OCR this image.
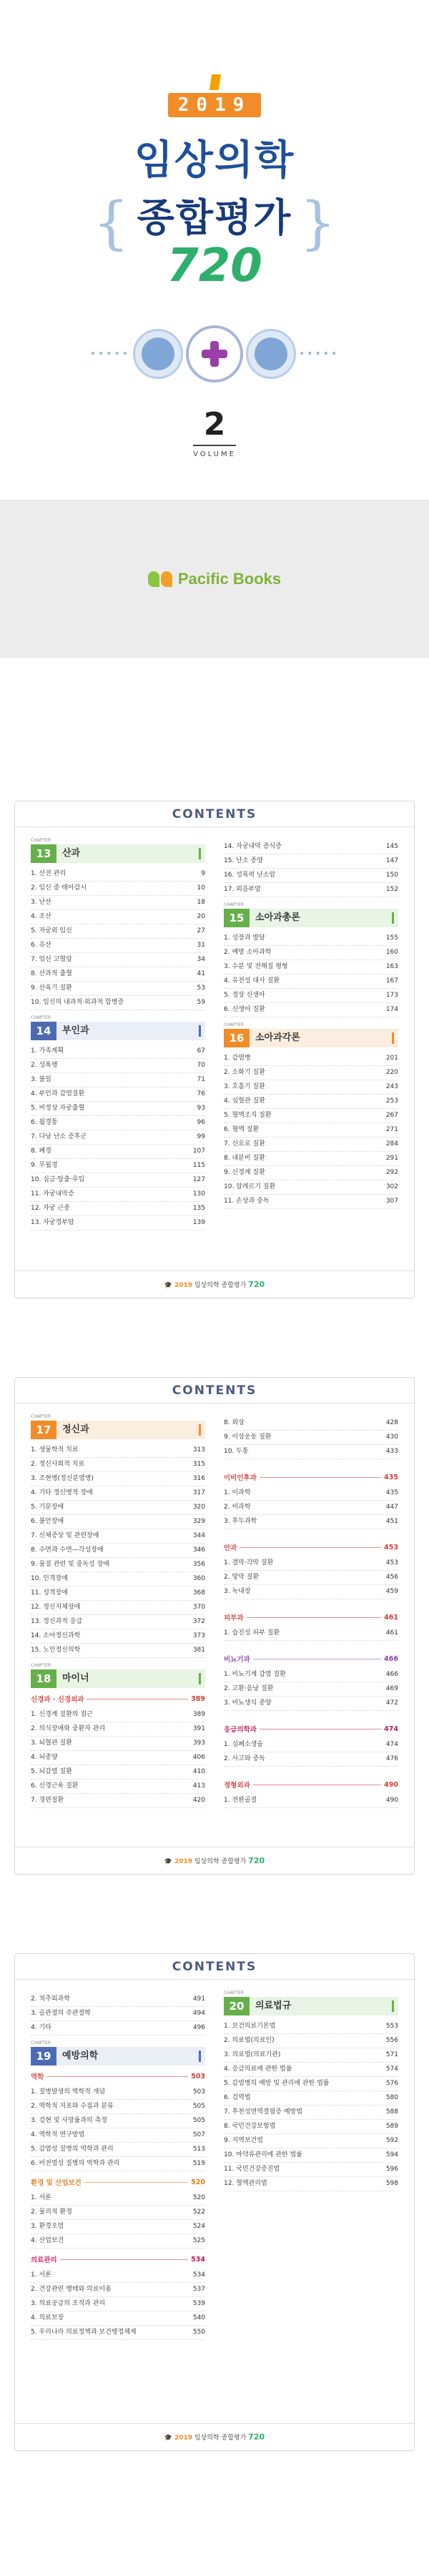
2019
임상의학
{ 종합평가 }
720
•••••	•••••
2
VOLUME
Pacific Books
CONTENTS
CHAPTER 13	산과
1. 산전 관리	9
2. 임신 중 태아감시	10
3. 난산	18
4. 조산	20
5. 자궁외 임신	27
6. 유산	31
7. 임신 고혈압	34
8. 산과적 출혈	41
9. 산욕기 질환	53
10. 임신의 내과적·외과적 합병증	59
CHAPTER 14	부인과
1. 가족계획	67
2. 성폭행	70
3. 불임	71
4. 부인과 감염질환	76
5. 비정상 자궁출혈	93
6. 월경통	96
7. 다낭 난소 증후군	99
8. 폐경	107
9. 무월경	115
10. 심금·탈출·루입	127
11. 자궁내막증	130
12. 자궁 근종	135
13. 자궁경부암	139
14. 자궁내막 증식증	145
15. 난소 종양	147
16. 성폭력 난소암	150
17. 외음부암	152
CHAPTER 15	소아과총론
1. 성장과 발달	155
2. 예방 소아과학	160
3. 수분 및 전해질 평형	163
4. 유전성 대사 질환	167
5. 정상 신생아	173
6. 신생아 질환	174
CHAPTER 16	소아과각론
1. 감염병	201
2. 소화기 질환	220
3. 호흡기 질환	243
4. 심혈관 질환	253
5. 혈액조직 질환	267
6. 혈액 질환	271
7. 신요로 질환	284
8. 내분비 질환	291
9. 신경계 질환	292
10. 알레르기 질환	302
11. 손상과 중독	307
🎓 2019 임상의학 종합평가 720
CONTENTS
CHAPTER 17	정신과
1. 생물학적 치료	313
2. 정신사회적 치료	315
3. 조현병(정신분열병)	316
4. 기타 정신병적 장애	317
5. 기분장애	320
6. 불안장애	329
7. 신체증상 및 관련장애	344
8. 수면과 수면—각성장애	346
9. 물질 관련 및 중독성 장애	356
10. 인격장애	360
11. 성격장애	368
12. 정신지체장애	370
13. 정신과적 응급	372
14. 소아정신과학	373
15. 노인정신의학	381
CHAPTER 18	마이너
신경과 · 신경외과	389
1. 신경계 질환의 접근	389
2. 의식장애와 중환자 관리	391
3. 뇌혈관 질환	393
4. 뇌종양	406
5. 뇌감염 질환	410
6. 신경근육 질환	413
7. 경련질환	420
8. 외상	428
9. 이상운동 질환	430
10. 두통	433
이비인후과	435
1. 이과학	435
2. 비과학	447
3. 후두과학	451
안과	453
1. 결막·각막 질환	453
2. 망막 질환	456
3. 녹내장	459
피부과	461
1. 습진성 피부 질환	461
비뇨기과	466
1. 비뇨기계 감염 질환	466
2. 고환·음낭 질환	469
3. 비뇨생식 종양	472
응급의학과	474
1. 심폐소생술	474
2. 사고와 중독	476
정형외과	490
1. 전완골절	490
🎓 2019 임상의학 종합평가 720
CONTENTS
2. 척추외과학	491
3. 슬관절의 주관절학	494
4. 기타	496
CHAPTER 19	예방의학
역학	503
1. 질병발생의 역학적 개념	503
2. 역학적 지표와 수집과 분류	505
3. 검현 및 사망률과의 측정	505
4. 역학적 연구방법	507
5. 감염성 질병의 역학과 관리	513
6. 비전염성 질병의 역학과 관리	519
환경 및 산업보건	520
1. 서론	520
2. 물리적 환경	522
3. 환경오염	524
4. 산업보건	525
의료관리	534
1. 서론	534
2. 건강관련 행태와 의료이용	537
3. 의료공급의 조직과 관리	539
4. 의료보장	540
5. 우리나라 의료정책과 보건행정체계	550
CHAPTER 20	의료법규
1. 보건의료기본법	553
2. 의료법(의료인)	556
3. 의료법(의료기관)	571
4. 응급의료에 관한 법률	574
5. 감염병의 예방 및 관리에 관한 법률	576
6. 검역법	580
7. 후천성면역결핍증 예방법	588
8. 국민건강보험법	589
9. 지역보건법	592
10. 마약류관리에 관한 법률	594
11. 국민건강증진법	596
12. 혈액관리법	598
🎓 2019 임상의학 종합평가 720
